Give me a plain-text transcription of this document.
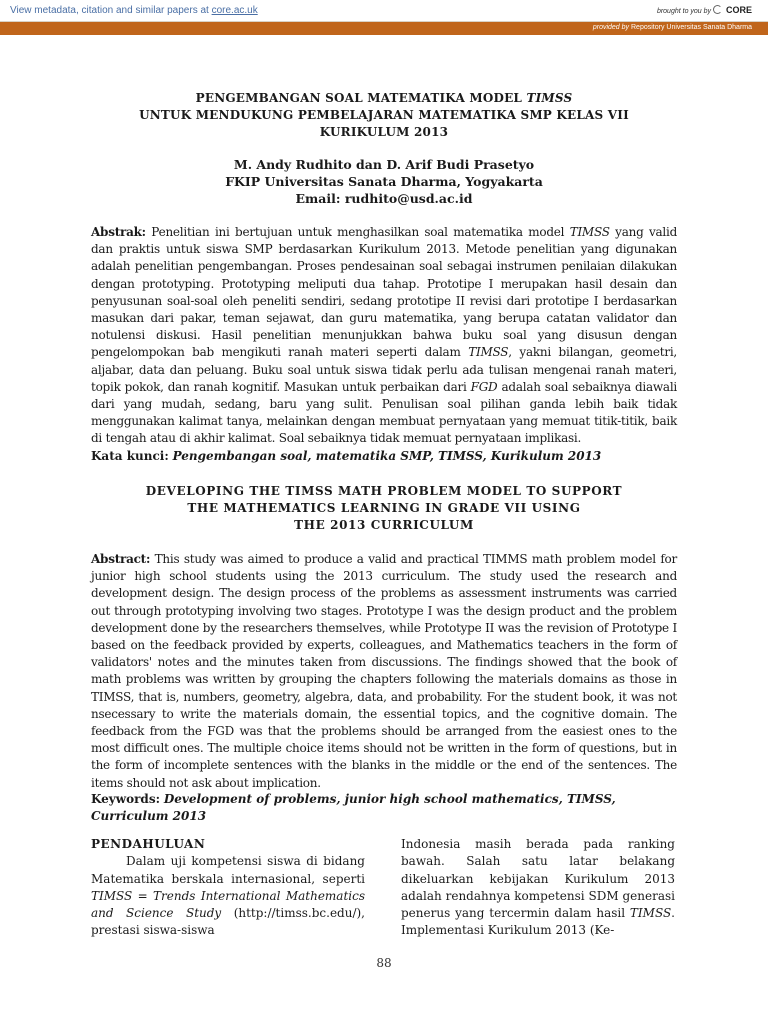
View metadata, citation and similar papers at core.ac.uk	brought to you by CORE
provided by Repository Universitas Sanata Dharma
PENGEMBANGAN SOAL MATEMATIKA MODEL TIMSS
UNTUK MENDUKUNG PEMBELAJARAN MATEMATIKA SMP KELAS VII
KURIKULUM 2013
M. Andy Rudhito dan D. Arif Budi Prasetyo
FKIP Universitas Sanata Dharma, Yogyakarta
Email: rudhito@usd.ac.id
Abstrak: Penelitian ini bertujuan untuk menghasilkan soal matematika model TIMSS yang valid dan praktis untuk siswa SMP berdasarkan Kurikulum 2013. Metode penelitian yang digunakan adalah penelitian pengembangan. Proses pendesainan soal sebagai instrumen penilaian dilakukan dengan prototyping. Prototyping meliputi dua tahap. Prototipe I merupakan hasil desain dan penyusunan soal-soal oleh peneliti sendiri, sedang prototipe II revisi dari prototipe I berdasarkan masukan dari pakar, teman sejawat, dan guru matematika, yang berupa catatan validator dan notulensi diskusi. Hasil penelitian menunjukkan bahwa buku soal yang disusun dengan pengelompokan bab mengikuti ranah materi seperti dalam TIMSS, yakni bilangan, geometri, aljabar, data dan peluang. Buku soal untuk siswa tidak perlu ada tulisan mengenai ranah materi, topik pokok, dan ranah kognitif. Masukan untuk perbaikan dari FGD adalah soal sebaiknya diawali dari yang mudah, sedang, baru yang sulit. Penulisan soal pilihan ganda lebih baik tidak menggunakan kalimat tanya, melainkan dengan membuat pernyataan yang memuat titik-titik, baik di tengah atau di akhir kalimat. Soal sebaiknya tidak memuat pernyataan implikasi.
Kata kunci: Pengembangan soal, matematika SMP, TIMSS, Kurikulum 2013
DEVELOPING THE TIMSS MATH PROBLEM MODEL TO SUPPORT
THE MATHEMATICS LEARNING IN GRADE VII USING
THE 2013 CURRICULUM
Abstract: This study was aimed to produce a valid and practical TIMMS math problem model for junior high school students using the 2013 curriculum. The study used the research and development design. The design process of the problems as assessment instruments was carried out through prototyping involving two stages. Prototype I was the design product and the problem development done by the researchers themselves, while Prototype II was the revision of Prototype I based on the feedback provided by experts, colleagues, and Mathematics teachers in the form of validators' notes and the minutes taken from discussions. The findings showed that the book of math problems was written by grouping the chapters following the materials domains as those in TIMSS, that is, numbers, geometry, algebra, data, and probability. For the student book, it was not nsecessary to write the materials domain, the essential topics, and the cognitive domain. The feedback from the FGD was that the problems should be arranged from the easiest ones to the most difficult ones. The multiple choice items should not be written in the form of questions, but in the form of incomplete sentences with the blanks in the middle or the end of the sentences. The items should not ask about implication.
Keywords: Development of problems, junior high school mathematics, TIMSS, Curriculum 2013
PENDAHULUAN
Dalam uji kompetensi siswa di bidang Matematika berskala internasional, seperti TIMSS = Trends International Mathematics and Science Study (http://timss.bc.edu/), prestasi siswa-siswa
Indonesia masih berada pada ranking bawah. Salah satu latar belakang dikeluarkan kebijakan Kurikulum 2013 adalah rendahnya kompetensi SDM generasi penerus yang tercermin dalam hasil TIMSS. Implementasi Kurikulum 2013 (Ke-
88
